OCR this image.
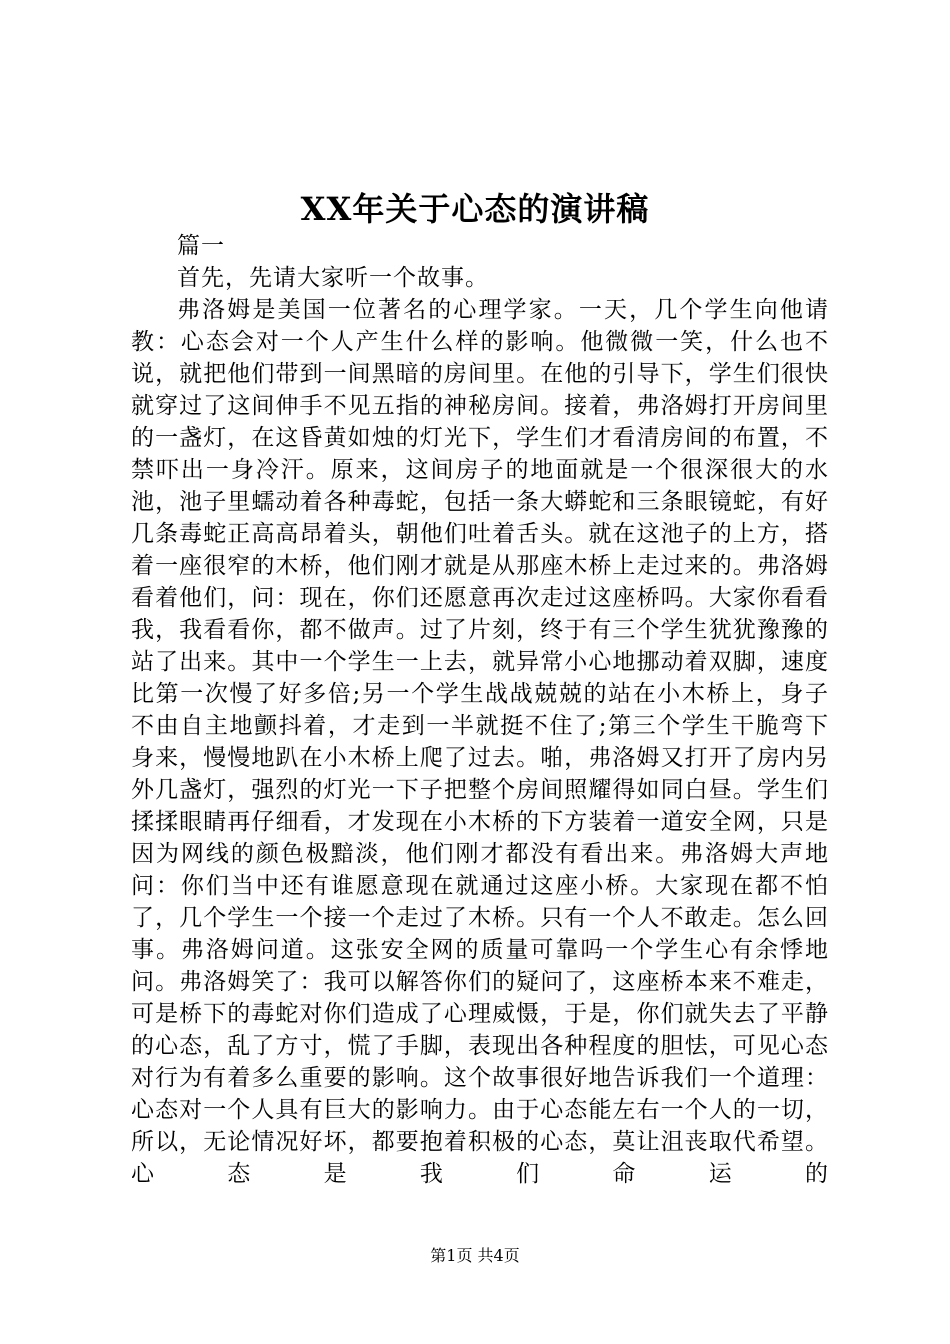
XX年关于心态的演讲稿

篇一

首先，先请大家听一个故事。

弗洛姆是美国一位著名的心理学家。一天，几个学生向他请教：心态会对一个人产生什么样的影响。他微微一笑，什么也不说，就把他们带到一间黑暗的房间里。在他的引导下，学生们很快就穿过了这间伸手不见五指的神秘房间。接着，弗洛姆打开房间里的一盏灯，在这昏黄如烛的灯光下，学生们才看清房间的布置，不禁吓出一身冷汗。原来，这间房子的地面就是一个很深很大的水池，池子里蠕动着各种毒蛇，包括一条大蟒蛇和三条眼镜蛇，有好几条毒蛇正高高昂着头，朝他们吐着舌头。就在这池子的上方，搭着一座很窄的木桥，他们刚才就是从那座木桥上走过来的。弗洛姆看着他们，问：现在，你们还愿意再次走过这座桥吗。大家你看看我，我看看你，都不做声。过了片刻，终于有三个学生犹犹豫豫的站了出来。其中一个学生一上去，就异常小心地挪动着双脚，速度比第一次慢了好多倍;另一个学生战战兢兢的站在小木桥上，身子不由自主地颤抖着，才走到一半就挺不住了;第三个学生干脆弯下身来，慢慢地趴在小木桥上爬了过去。啪，弗洛姆又打开了房内另外几盏灯，强烈的灯光一下子把整个房间照耀得如同白昼。学生们揉揉眼睛再仔细看，才发现在小木桥的下方装着一道安全网，只是因为网线的颜色极黯淡，他们刚才都没有看出来。弗洛姆大声地问：你们当中还有谁愿意现在就通过这座小桥。大家现在都不怕了，几个学生一个接一个走过了木桥。只有一个人不敢走。怎么回事。弗洛姆问道。这张安全网的质量可靠吗一个学生心有余悸地问。弗洛姆笑了：我可以解答你们的疑问了，这座桥本来不难走，可是桥下的毒蛇对你们造成了心理威慑，于是，你们就失去了平静的心态，乱了方寸，慌了手脚，表现出各种程度的胆怯，可见心态对行为有着多么重要的影响。这个故事很好地告诉我们一个道理：心态对一个人具有巨大的影响力。由于心态能左右一个人的一切，所以，无论情况好坏，都要抱着积极的心态，莫让沮丧取代希望。心态是我们命运的

第1页 共4页
